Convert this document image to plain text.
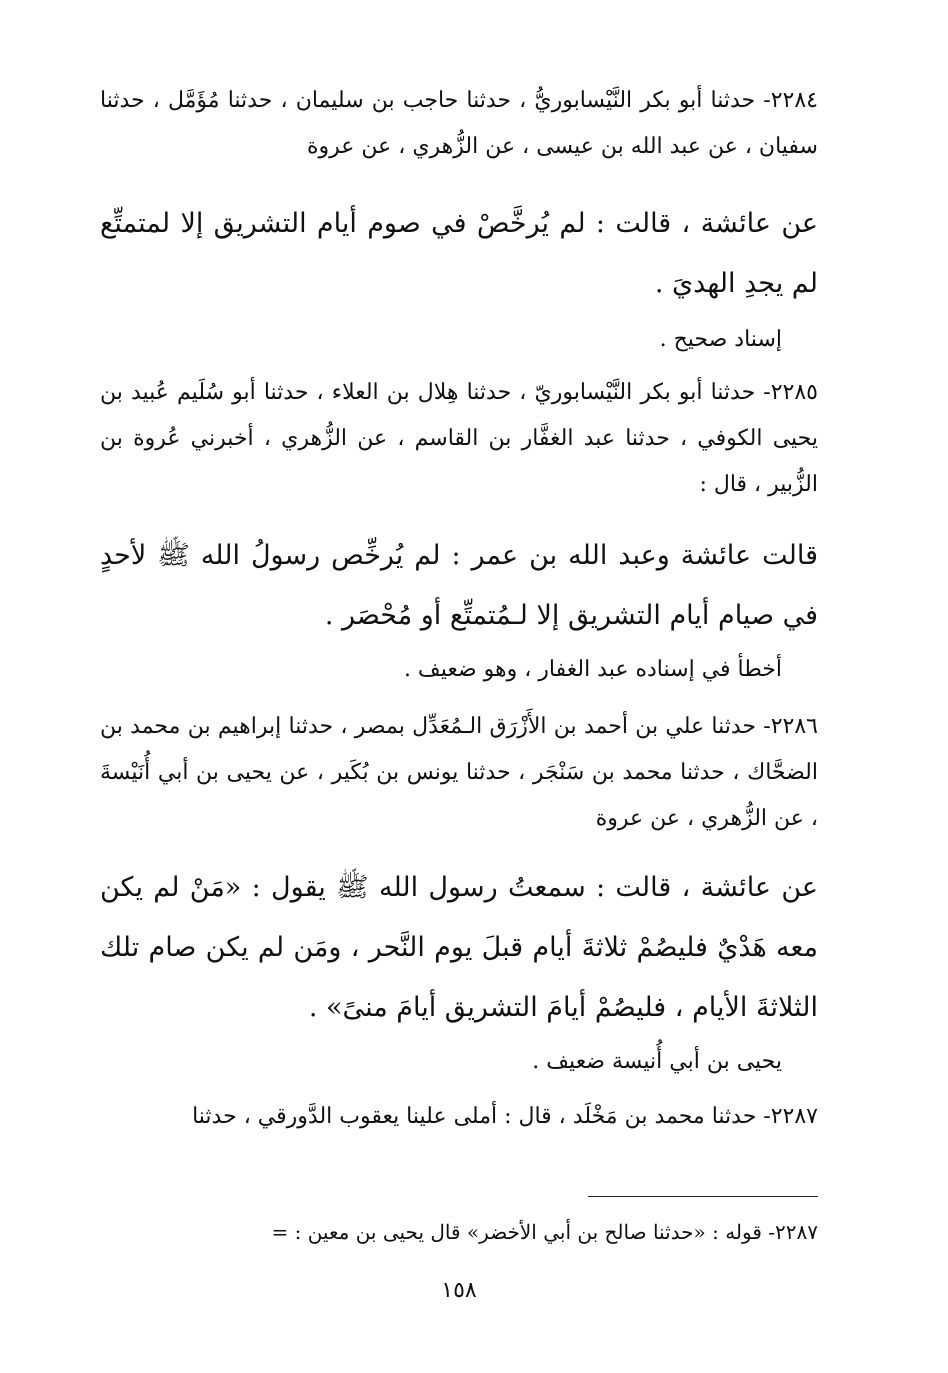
٢٢٨٤- حدثنا أبو بكر النَّيْسابوريُّ ، حدثنا حاجب بن سليمان ، حدثنا مُؤَمَّل ، حدثنا سفيان ، عن عبد الله بن عيسى ، عن الزُّهري ، عن عروة

عن عائشة ، قالت : لم يُرخَّصْ في صوم أيام التشريق إلا لمتمتِّع لم يجدِ الهديَ .

إسناد صحيح .

٢٢٨٥- حدثنا أبو بكر النَّيْسابوريّ ، حدثنا هِلال بن العلاء ، حدثنا أبو سُلَيم عُبيد بن يحيى الكوفي ، حدثنا عبد الغفَّار بن القاسم ، عن الزُّهري ، أخبرني عُروة بن الزُّبير ، قال :

قالت عائشة وعبد الله بن عمر : لم يُرخِّص رسولُ الله ﷺ لأحدٍ في صيام أيام التشريق إلا لـمُتمتِّع أو مُحْصَر .

أخطأ في إسناده عبد الغفار ، وهو ضعيف .

٢٢٨٦- حدثنا علي بن أحمد بن الأَزْرَق الـمُعَدِّل بمصر ، حدثنا إبراهيم بن محمد بن الضحَّاك ، حدثنا محمد بن سَنْجَر ، حدثنا يونس بن بُكَير ، عن يحيى بن أبي أُنَيْسةَ ، عن الزُّهري ، عن عروة

عن عائشة ، قالت : سمعتُ رسول الله ﷺ يقول : «مَنْ لم يكن معه هَدْيٌ فليصُمْ ثلاثةَ أيام قبلَ يوم النَّحر ، ومَن لم يكن صام تلك الثلاثةَ الأيام ، فليصُمْ أيامَ التشريق أيامَ منىً» .

يحيى بن أبي أُنيسة ضعيف .

٢٢٨٧- حدثنا محمد بن مَخْلَد ، قال : أملى علينا يعقوب الدَّورقي ، حدثنا

٢٢٨٧- قوله : «حدثنا صالح بن أبي الأخضر» قال يحيى بن معين : =

١٥٨
